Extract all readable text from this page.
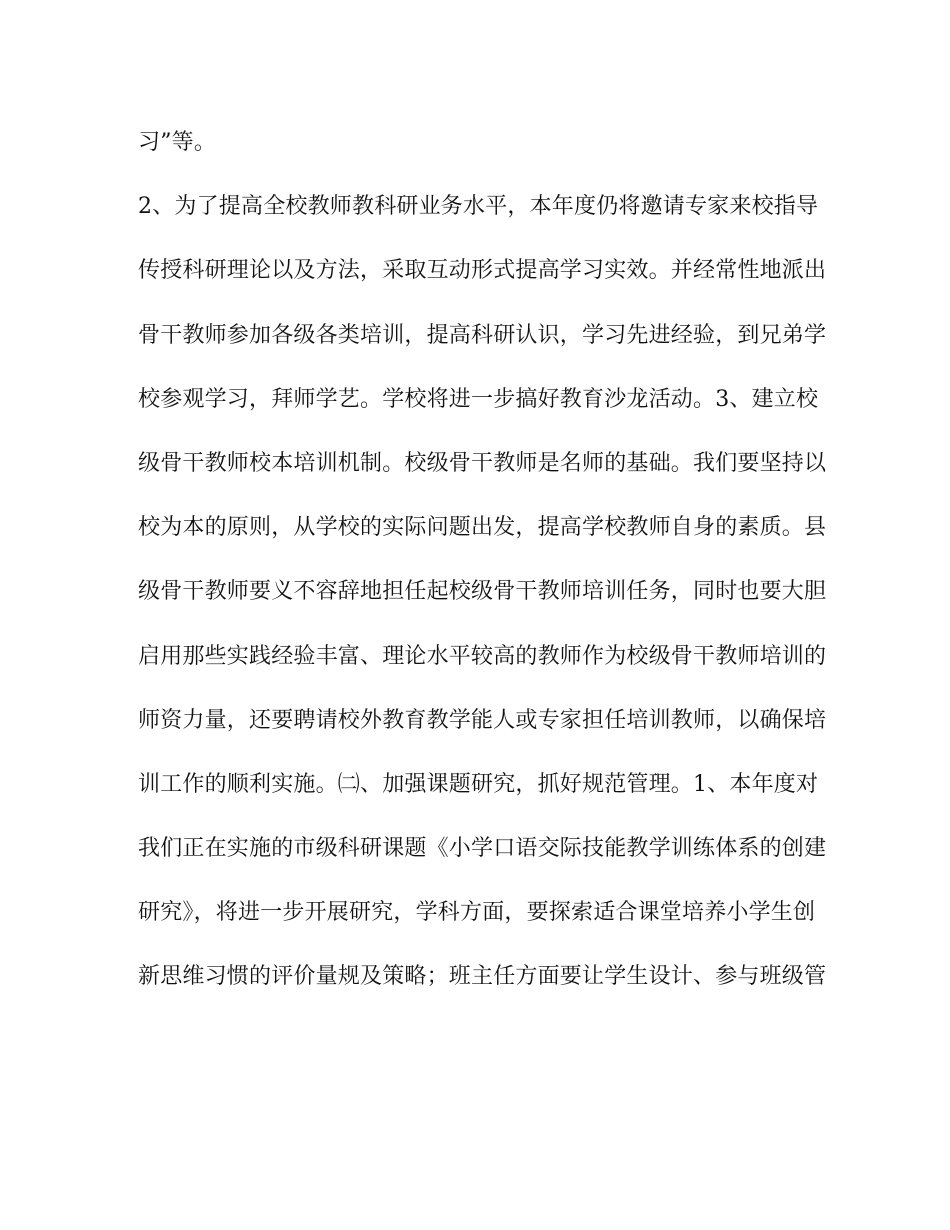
习”等。
2、为了提高全校教师教科研业务水平，本年度仍将邀请专家来校指导
传授科研理论以及方法，采取互动形式提高学习实效。并经常性地派出
骨干教师参加各级各类培训，提高科研认识，学习先进经验，到兄弟学
校参观学习，拜师学艺。学校将进一步搞好教育沙龙活动。3、建立校
级骨干教师校本培训机制。校级骨干教师是名师的基础。我们要坚持以
校为本的原则，从学校的实际问题出发，提高学校教师自身的素质。县
级骨干教师要义不容辞地担任起校级骨干教师培训任务，同时也要大胆
启用那些实践经验丰富、理论水平较高的教师作为校级骨干教师培训的
师资力量，还要聘请校外教育教学能人或专家担任培训教师，以确保培
训工作的顺利实施。㈡、加强课题研究，抓好规范管理。1、本年度对
我们正在实施的市级科研课题《小学口语交际技能教学训练体系的创建
研究》，将进一步开展研究，学科方面，要探索适合课堂培养小学生创
新思维习惯的评价量规及策略；班主任方面要让学生设计、参与班级管
